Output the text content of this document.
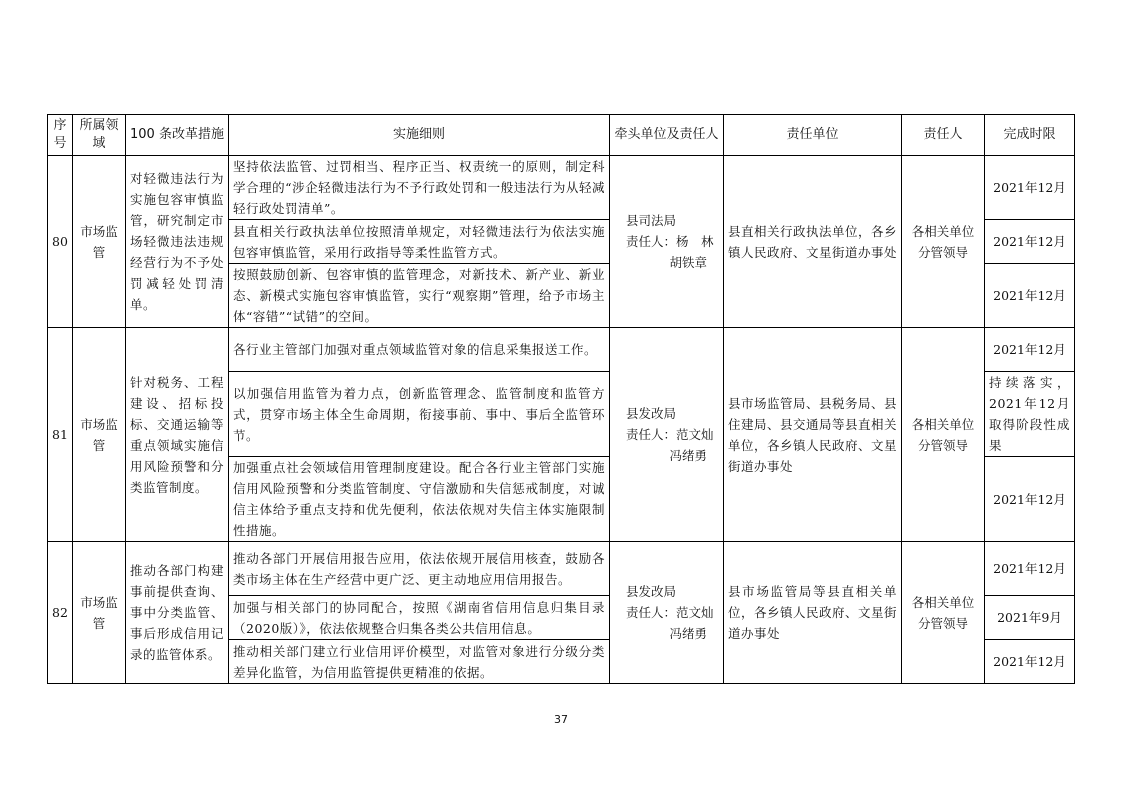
序号	所属领域	100 条改革措施	实施细则	牵头单位及责任人	责任单位	责任人	完成时限
80	市场监管	对轻微违法行为实施包容审慎监管，研究制定市场轻微违法违规经营行为不予处罚减轻处罚清单。	坚持依法监管、过罚相当、程序正当、权责统一的原则，制定科学合理的“涉企轻微违法行为不予行政处罚和一般违法行为从轻减轻行政处罚清单”。	县司法局
责任人：杨　林
胡铁章	县直相关行政执法单位，各乡镇人民政府、文星街道办事处	各相关单位分管领导	2021年12月
			县直相关行政执法单位按照清单规定，对轻微违法行为依法实施包容审慎监管，采用行政指导等柔性监管方式。				2021年12月
			按照鼓励创新、包容审慎的监管理念，对新技术、新产业、新业态、新模式实施包容审慎监管，实行“观察期”管理，给予市场主体“容错”“试错”的空间。				2021年12月
81	市场监管	针对税务、工程建设、招标投标、交通运输等重点领域实施信用风险预警和分类监管制度。	各行业主管部门加强对重点领域监管对象的信息采集报送工作。	县发改局
责任人：范文灿
冯绪勇	县市场监管局、县税务局、县住建局、县交通局等县直相关单位，各乡镇人民政府、文星街道办事处	各相关单位分管领导	2021年12月
			以加强信用监管为着力点，创新监管理念、监管制度和监管方式，贯穿市场主体全生命周期，衔接事前、事中、事后全监管环节。				持续落实，2021年12月取得阶段性成果
			加强重点社会领域信用管理制度建设。配合各行业主管部门实施信用风险预警和分类监管制度、守信激励和失信惩戒制度，对诚信主体给予重点支持和优先便利，依法依规对失信主体实施限制性措施。				2021年12月
82	市场监管	推动各部门构建事前提供查询、事中分类监管、事后形成信用记录的监管体系。	推动各部门开展信用报告应用，依法依规开展信用核查，鼓励各类市场主体在生产经营中更广泛、更主动地应用信用报告。	县发改局
责任人：范文灿
冯绪勇	县市场监管局等县直相关单位，各乡镇人民政府、文星街道办事处	各相关单位分管领导	2021年12月
			加强与相关部门的协同配合，按照《湖南省信用信息归集目录（2020版）》，依法依规整合归集各类公共信用信息。				2021年9月
			推动相关部门建立行业信用评价模型，对监管对象进行分级分类差异化监管，为信用监管提供更精准的依据。				2021年12月
37
